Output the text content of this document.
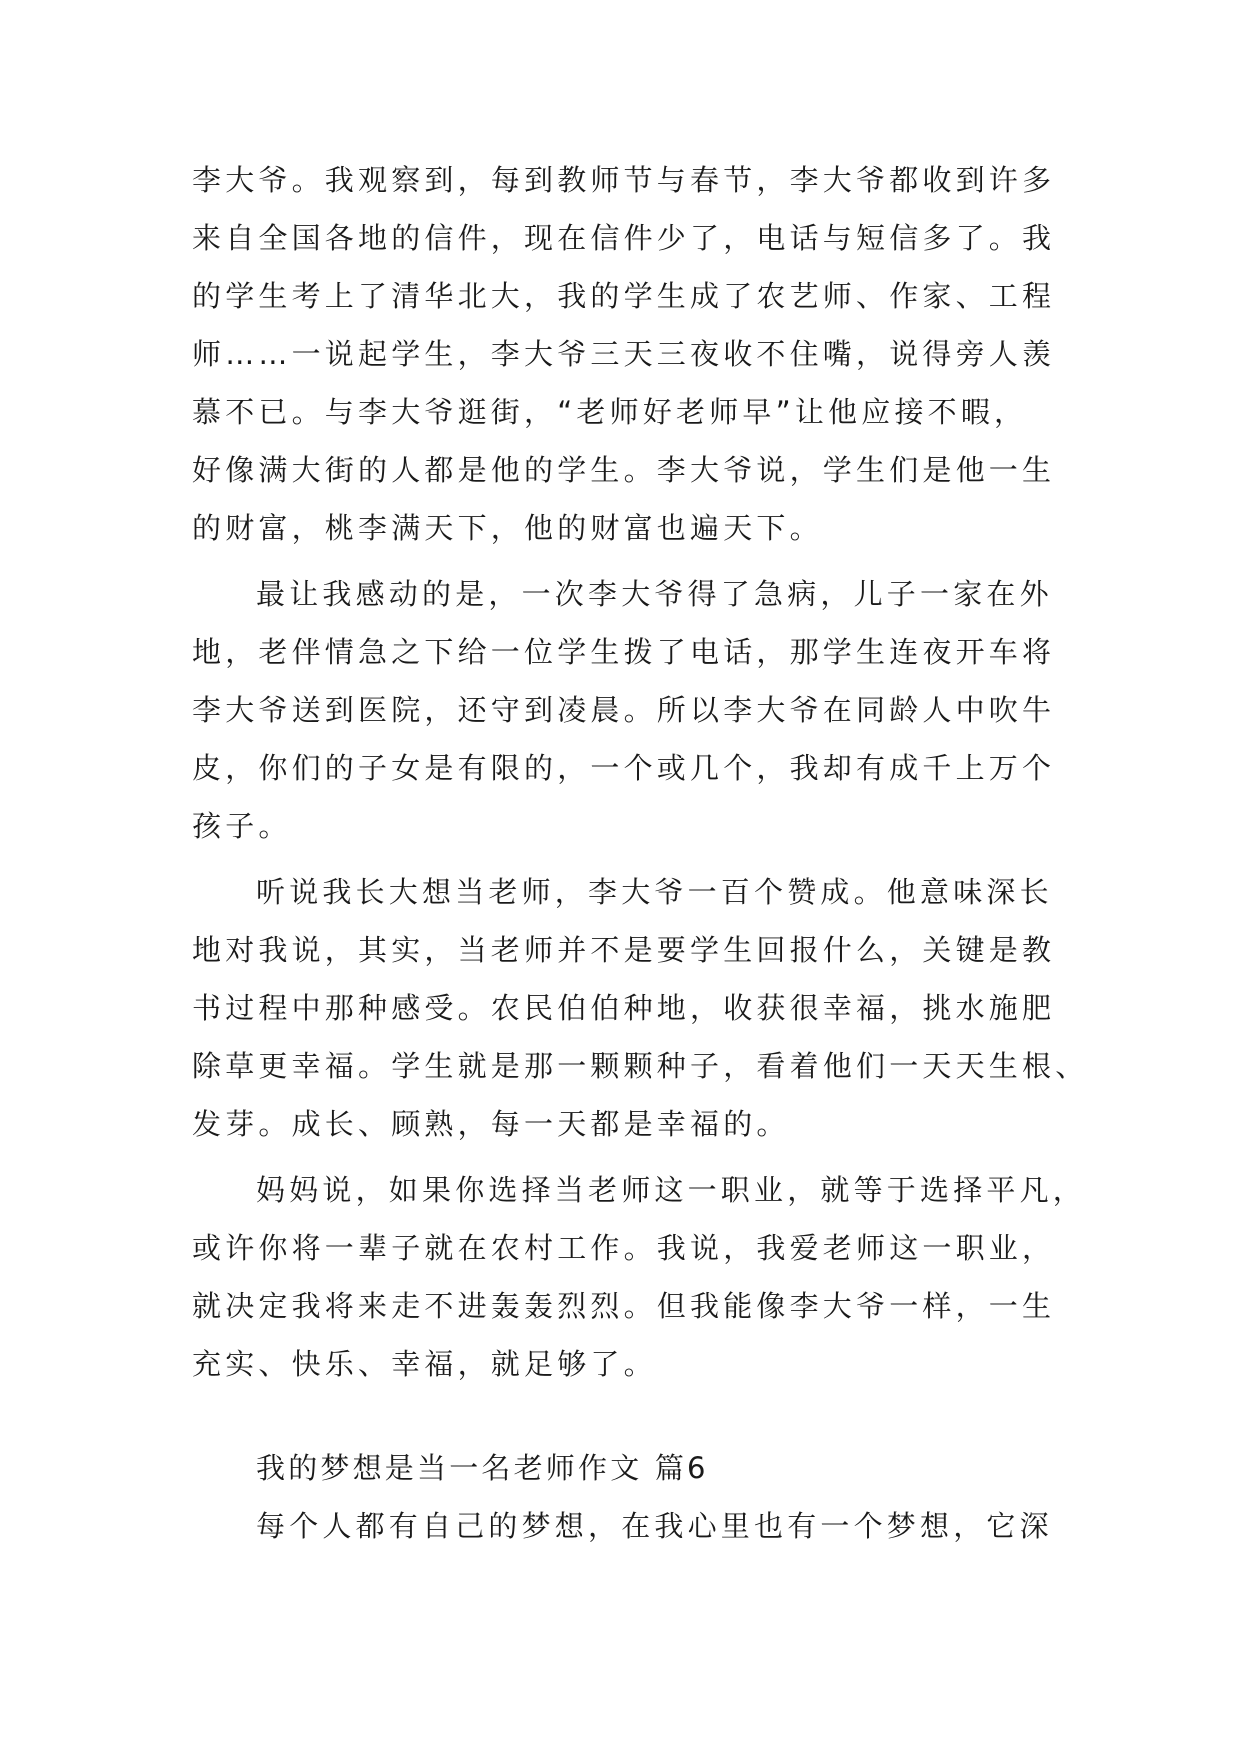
李大爷。我观察到，每到教师节与春节，李大爷都收到许多

来自全国各地的信件，现在信件少了，电话与短信多了。我

的学生考上了清华北大，我的学生成了农艺师、作家、工程

师……一说起学生，李大爷三天三夜收不住嘴，说得旁人羡

慕不已。与李大爷逛街，“老师好老师早”让他应接不暇，

好像满大街的人都是他的学生。李大爷说，学生们是他一生

的财富，桃李满天下，他的财富也遍天下。

最让我感动的是，一次李大爷得了急病，儿子一家在外

地，老伴情急之下给一位学生拨了电话，那学生连夜开车将

李大爷送到医院，还守到凌晨。所以李大爷在同龄人中吹牛

皮，你们的子女是有限的，一个或几个，我却有成千上万个

孩子。

听说我长大想当老师，李大爷一百个赞成。他意味深长

地对我说，其实，当老师并不是要学生回报什么，关键是教

书过程中那种感受。农民伯伯种地，收获很幸福，挑水施肥

除草更幸福。学生就是那一颗颗种子，看着他们一天天生根、

发芽。成长、顾熟，每一天都是幸福的。

妈妈说，如果你选择当老师这一职业，就等于选择平凡，

或许你将一辈子就在农村工作。我说，我爱老师这一职业，

就决定我将来走不进轰轰烈烈。但我能像李大爷一样，一生

充实、快乐、幸福，就足够了。

我的梦想是当一名老师作文 篇6

每个人都有自己的梦想，在我心里也有一个梦想，它深
